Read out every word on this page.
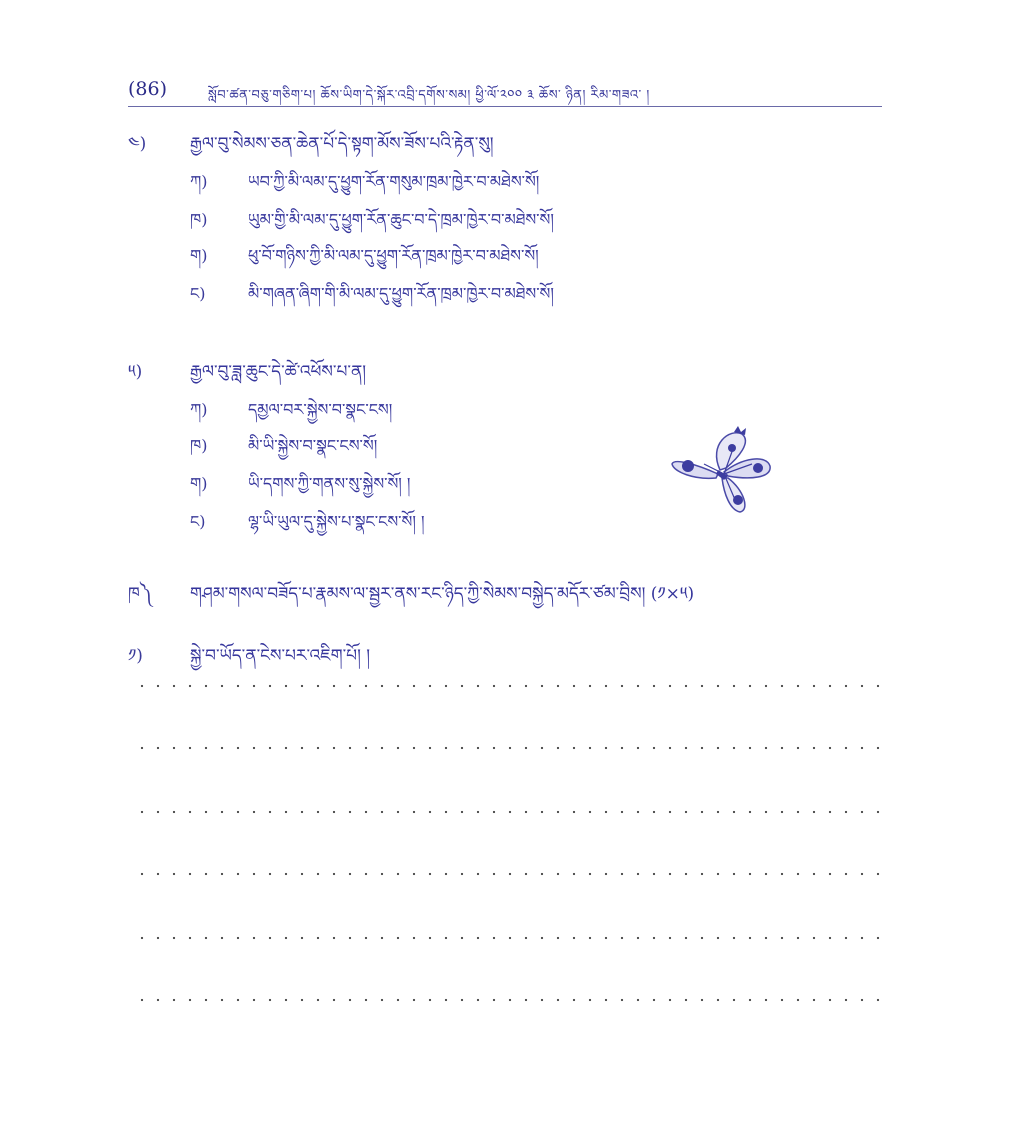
(86)	སློབ་ཚན་བཅུ་གཅིག་པ། ཆོས་ཡིག་དེ་སྐོར་འབྲི་དགོས་སམ། ཕྱི་ལོ་༢༠༠ ༣ ཆོས་ ཉིན། རིམ་གཟའ་ །
༤)	རྒྱལ་བུ་སེམས་ཅན་ཆེན་པོ་དེ་སྟག་མོས་ཟོས་པའི་རྟེན་སུ།
ཀ)	ཡབ་ཀྱི་མི་ལམ་དུ་ཕྱུག་རོན་གསུམ་ཁྲམ་ཁྱེར་བ་མཐེས་སོ།
ཁ)	ཡུམ་གྱི་མི་ལམ་དུ་ཕྱུག་རོན་ཆུང་བ་དེ་ཁྲམ་ཁྱེར་བ་མཐེས་སོ།
ག)	ཕུ་བོ་གཉིས་ཀྱི་མི་ལམ་དུ་ཕྱུག་རོན་ཁྲམ་ཁྱེར་བ་མཐེས་སོ།
ང)	མི་གཞན་ཞིག་གི་མི་ལམ་དུ་ཕྱུག་རོན་ཁྲམ་ཁྱེར་བ་མཐེས་སོ།
༥)	རྒྱལ་བུ་ཟླ་ཆུང་དེ་ཚེ་འཕོས་པ་ན།
ཀ)	དམྱལ་བར་སྐྱེས་བ་སྣང་ངས།
ཁ)	མི་ཡི་སྐྱེས་བ་སྣང་ངས་སོ།
ག)	ཡི་དགས་ཀྱི་གནས་སུ་སྐྱེས་སོ། །
ང)	ལྷ་ཡི་ཡུལ་དུ་སྐྱེས་པ་སྣང་ངས་སོ། །
ཁ༽ གཤམ་གསལ་བཟོད་པ་རྣམས་ལ་སྦྱར་ནས་རང་ཉིད་ཀྱི་སེམས་བསྐྱེད་མདོར་ཙམ་བྲིས། (༡×༥)
༡)	སྐྱེ་བ་ཡོད་ན་ངེས་པར་འཇིག་པོ། །
